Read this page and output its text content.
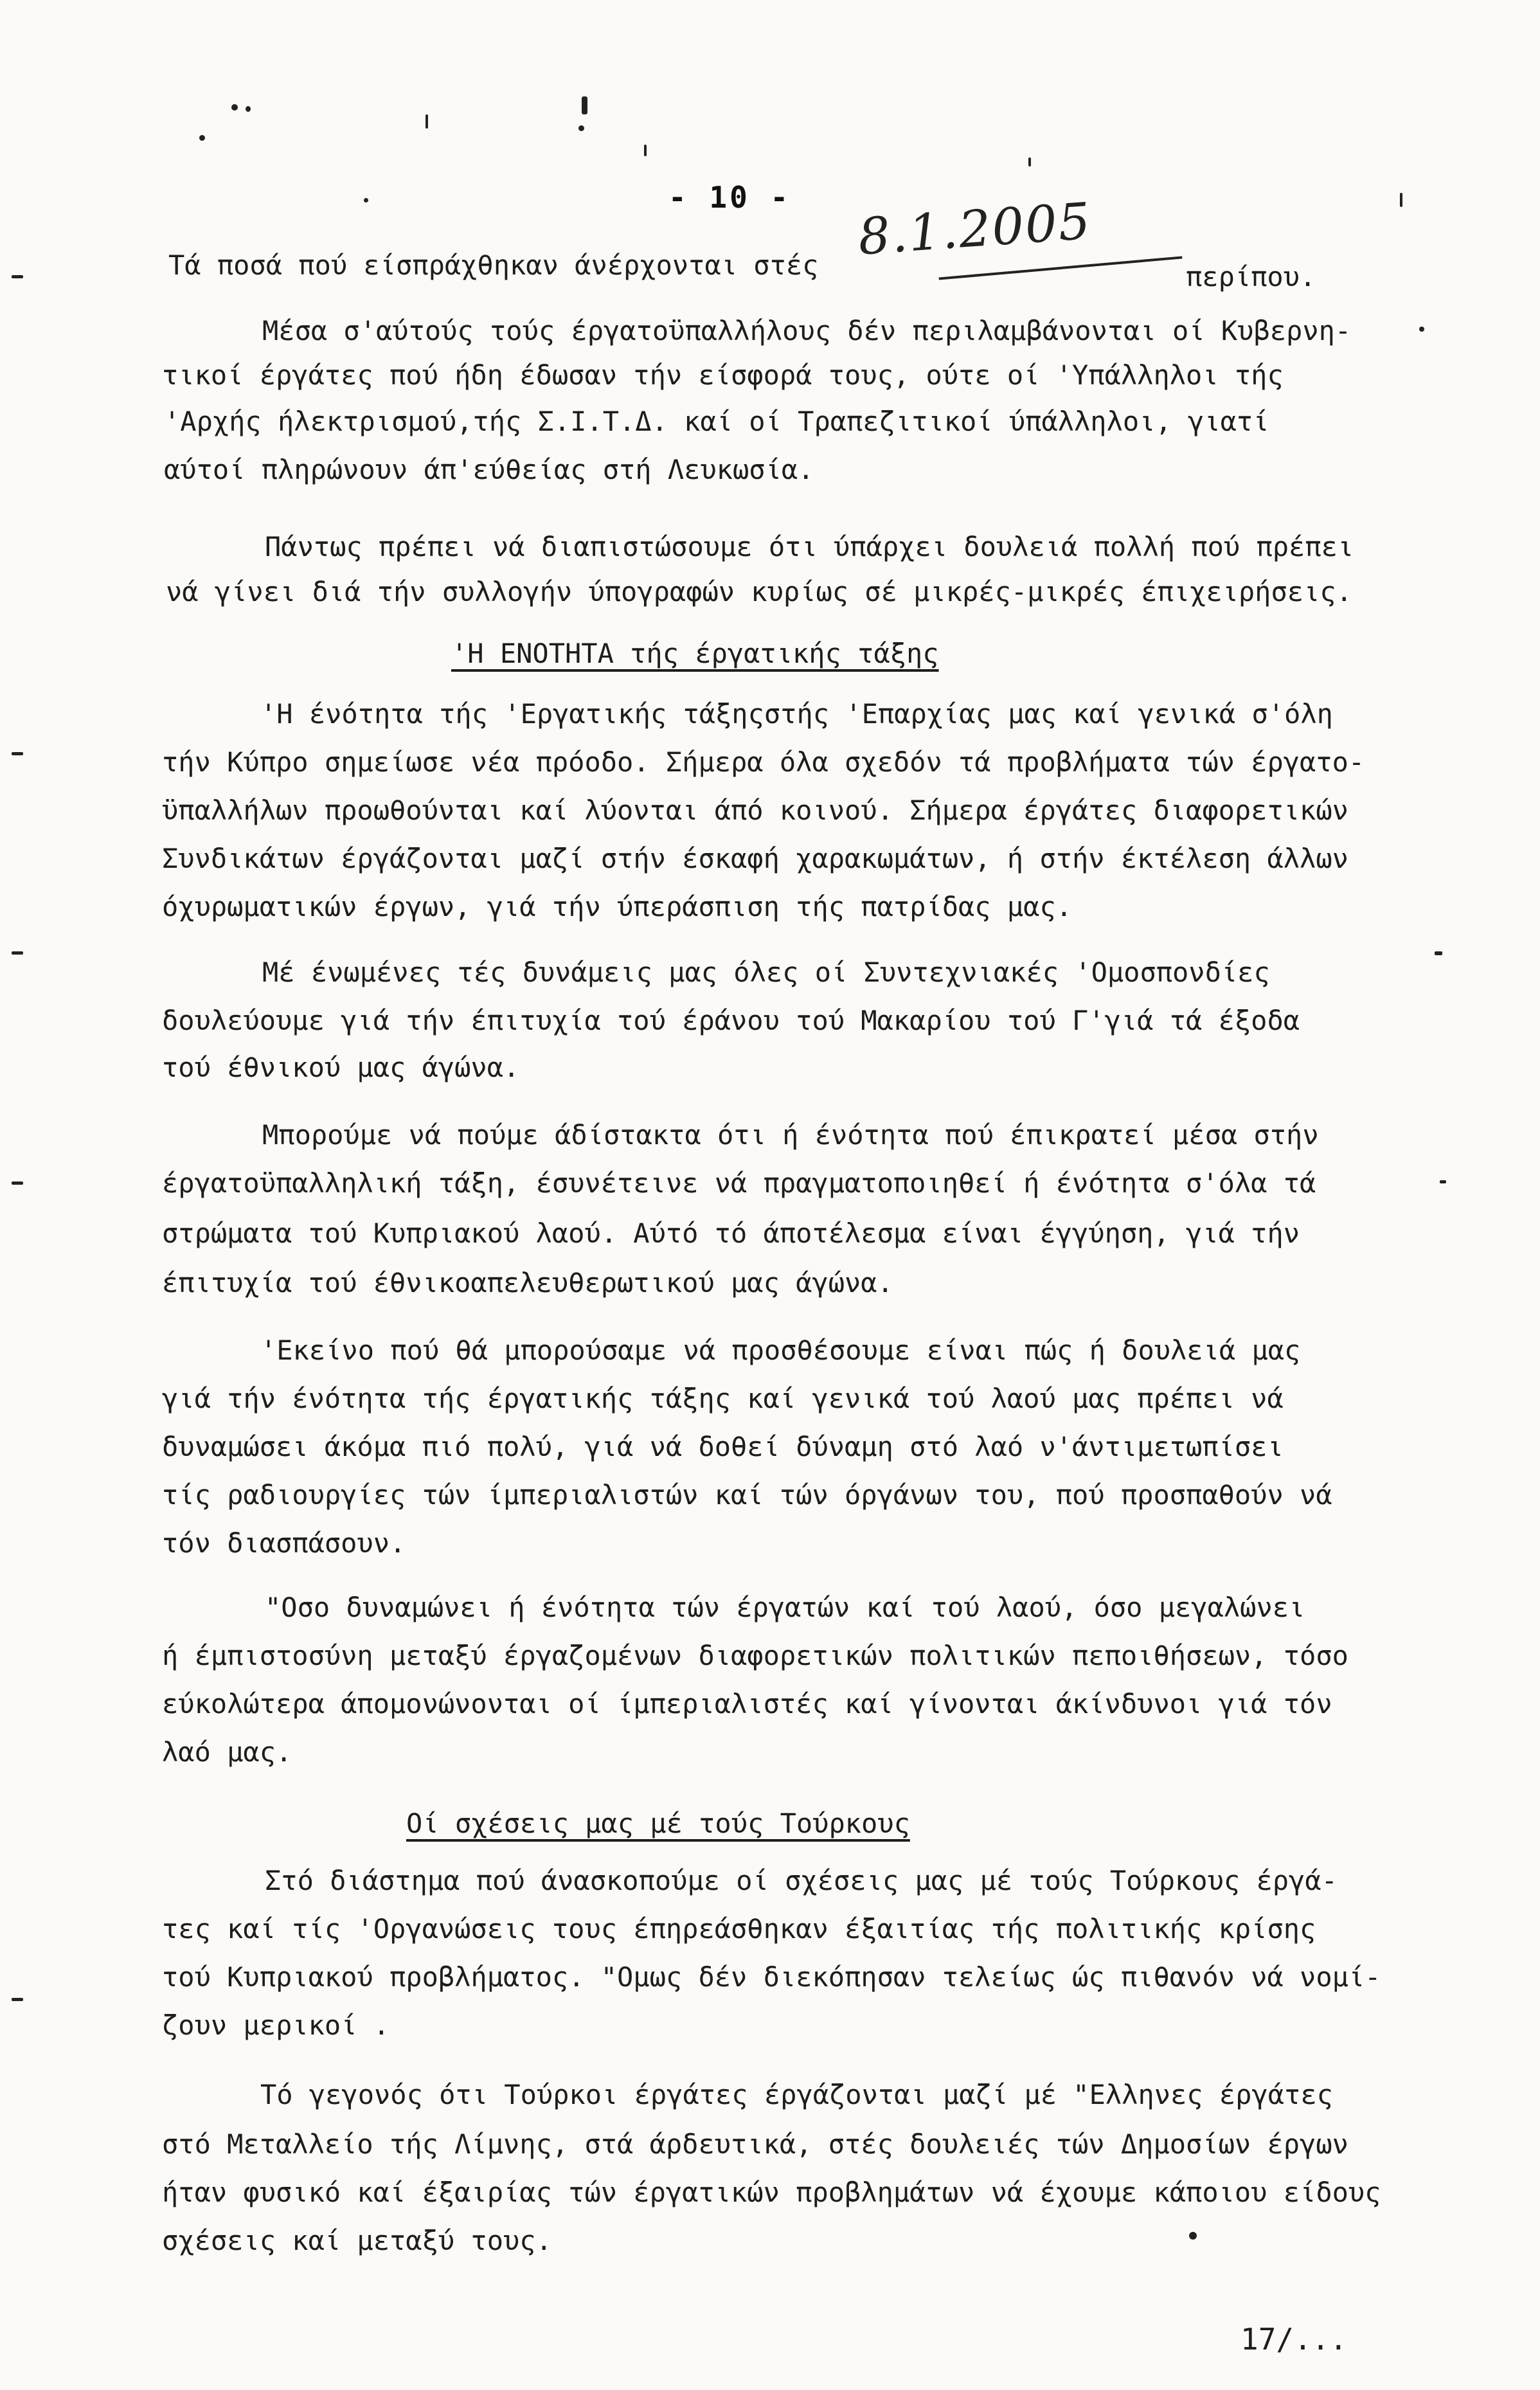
- 10 - 8.1.2005
Τά ποσά πού είσπράχθηκαν άνέρχονται στές	περίπου.
Μέσα σ'αύτούς τούς έργατοϋπαλλήλους δέν περιλαμβάνονται οί Κυβερνη-
τικοί έργάτες πού ήδη έδωσαν τήν είσφορά τους, ούτε οί 'Υπάλληλοι τής
'Αρχής ήλεκτρισμού,τής Σ.Ι.Τ.Δ. καί οί Τραπεζιτικοί ύπάλληλοι, γιατί
αύτοί πληρώνουν άπ'εύθείας στή Λευκωσία.
Πάντως πρέπει νά διαπιστώσουμε ότι ύπάρχει δουλειά πολλή πού πρέπει
νά γίνει διά τήν συλλογήν ύπογραφών κυρίως σέ μικρές-μικρές έπιχειρήσεις.
'Η ΕΝΟΤΗΤΑ τής έργατικής τάξης
'Η ένότητα τής 'Εργατικής τάξηςστής 'Επαρχίας μας καί γενικά σ'όλη
τήν Κύπρο σημείωσε νέα πρόοδο. Σήμερα όλα σχεδόν τά προβλήματα τών έργατο-
ϋπαλλήλων προωθούνται καί λύονται άπό κοινού. Σήμερα έργάτες διαφορετικών
Συνδικάτων έργάζονται μαζί στήν έσκαφή χαρακωμάτων, ή στήν έκτέλεση άλλων
όχυρωματικών έργων, γιά τήν ύπεράσπιση τής πατρίδας μας.
Μέ ένωμένες τές δυνάμεις μας όλες οί Συντεχνιακές 'Ομοσπονδίες
δουλεύουμε γιά τήν έπιτυχία τού έράνου τού Μακαρίου τού Γ'γιά τά έξοδα
τού έθνικού μας άγώνα.
Μπορούμε νά πούμε άδίστακτα ότι ή ένότητα πού έπικρατεί μέσα στήν
έργατοϋπαλληλική τάξη, έσυνέτεινε νά πραγματοποιηθεί ή ένότητα σ'όλα τά
στρώματα τού Κυπριακού λαού. Αύτό τό άποτέλεσμα είναι έγγύηση, γιά τήν
έπιτυχία τού έθνικοαπελευθερωτικού μας άγώνα.
'Εκείνο πού θά μπορούσαμε νά προσθέσουμε είναι πώς ή δουλειά μας
γιά τήν ένότητα τής έργατικής τάξης καί γενικά τού λαού μας πρέπει νά
δυναμώσει άκόμα πιό πολύ, γιά νά δοθεί δύναμη στό λαό ν'άντιμετωπίσει
τίς ραδιουργίες τών ίμπεριαλιστών καί τών όργάνων του, πού προσπαθούν νά
τόν διασπάσουν.
"Οσο δυναμώνει ή ένότητα τών έργατών καί τού λαού, όσο μεγαλώνει
ή έμπιστοσύνη μεταξύ έργαζομένων διαφορετικών πολιτικών πεποιθήσεων, τόσο
εύκολώτερα άπομονώνονται οί ίμπεριαλιστές καί γίνονται άκίνδυνοι γιά τόν
λαό μας.
Οί σχέσεις μας μέ τούς Τούρκους
Στό διάστημα πού άνασκοπούμε οί σχέσεις μας μέ τούς Τούρκους έργά-
τες καί τίς 'Οργανώσεις τους έπηρεάσθηκαν έξαιτίας τής πολιτικής κρίσης
τού Κυπριακού προβλήματος. "Ομως δέν διεκόπησαν τελείως ώς πιθανόν νά νομί-
ζουν μερικοί .
Τό γεγονός ότι Τούρκοι έργάτες έργάζονται μαζί μέ "Ελληνες έργάτες
στό Μεταλλείο τής Λίμνης, στά άρδευτικά, στές δουλειές τών Δημοσίων έργων
ήταν φυσικό καί έξαιρίας τών έργατικών προβλημάτων νά έχουμε κάποιου είδους
σχέσεις καί μεταξύ τους.
17/...
